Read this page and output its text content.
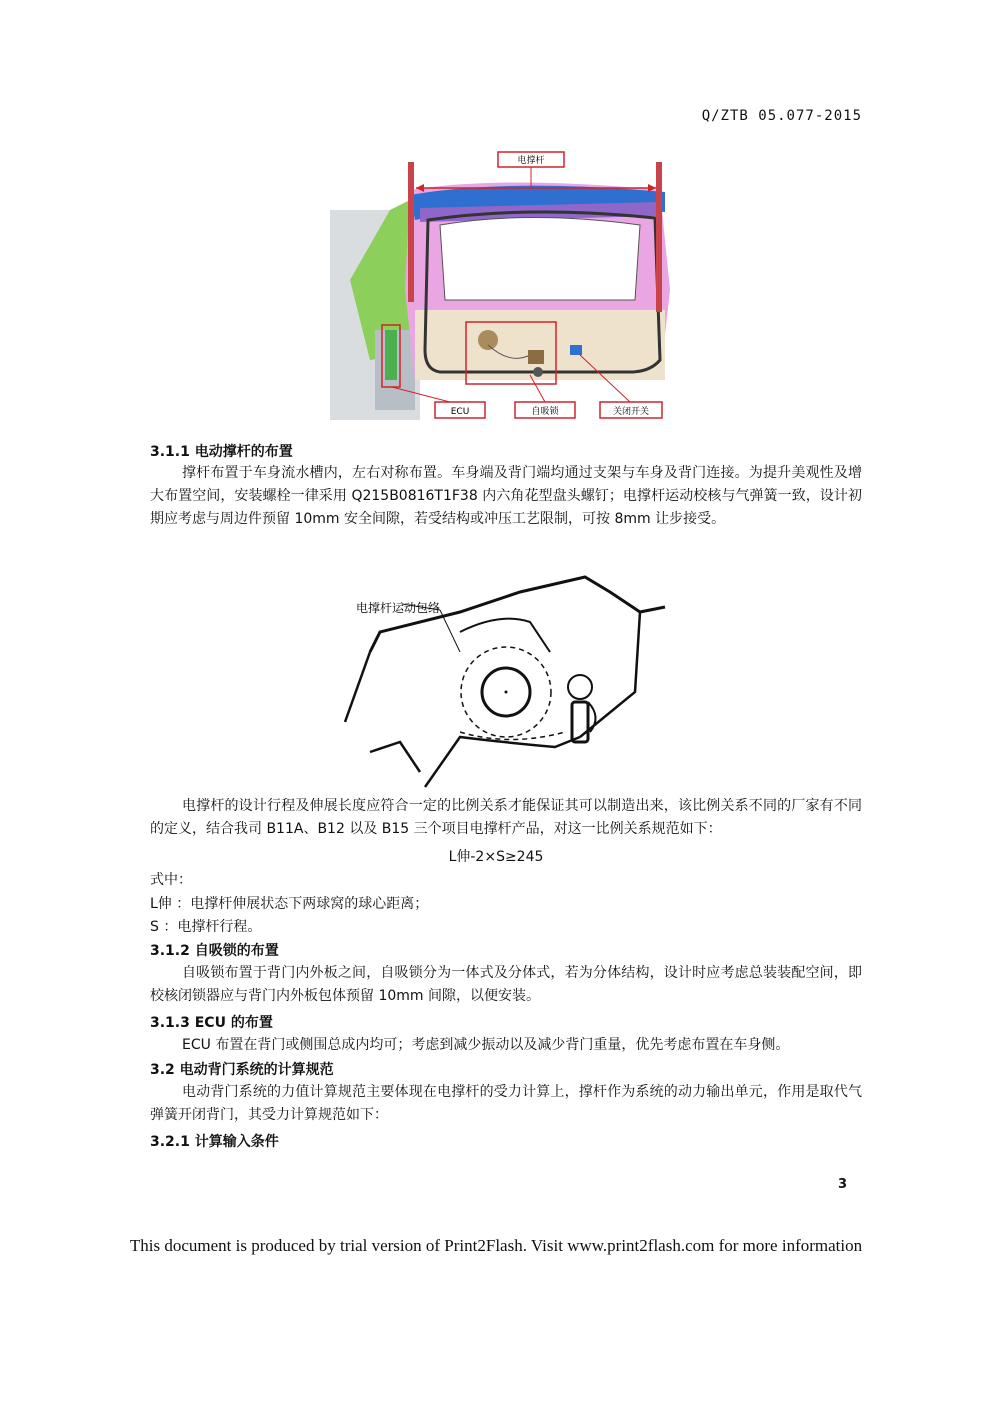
Q/ZTB 05.077-2015
电撑杆
ECU	自吸锁	关闭开关
3.1.1 电动撑杆的布置
撑杆布置于车身流水槽内，左右对称布置。车身端及背门端均通过支架与车身及背门连接。为提升美观性及增大布置空间，安装螺栓一律采用 Q215B0816T1F38 内六角花型盘头螺钉；电撑杆运动校核与气弹簧一致，设计初期应考虑与周边件预留 10mm 安全间隙，若受结构或冲压工艺限制，可按 8mm 让步接受。
电撑杆运动包络
电撑杆的设计行程及伸展长度应符合一定的比例关系才能保证其可以制造出来，该比例关系不同的厂家有不同的定义，结合我司 B11A、B12 以及 B15 三个项目电撑杆产品，对这一比例关系规范如下：
L伸-2×S≥245
式中：
L伸 ：电撑杆伸展状态下两球窝的球心距离；
S ：电撑杆行程。
3.1.2 自吸锁的布置
自吸锁布置于背门内外板之间，自吸锁分为一体式及分体式，若为分体结构，设计时应考虑总装装配空间，即校核闭锁器应与背门内外板包体预留 10mm 间隙，以便安装。
3.1.3 ECU 的布置
ECU 布置在背门或侧围总成内均可；考虑到减少振动以及减少背门重量，优先考虑布置在车身侧。
3.2 电动背门系统的计算规范
电动背门系统的力值计算规范主要体现在电撑杆的受力计算上，撑杆作为系统的动力输出单元，作用是取代气弹簧开闭背门，其受力计算规范如下：
3.2.1 计算输入条件
3
This document is produced by trial version of Print2Flash. Visit www.print2flash.com for more information
